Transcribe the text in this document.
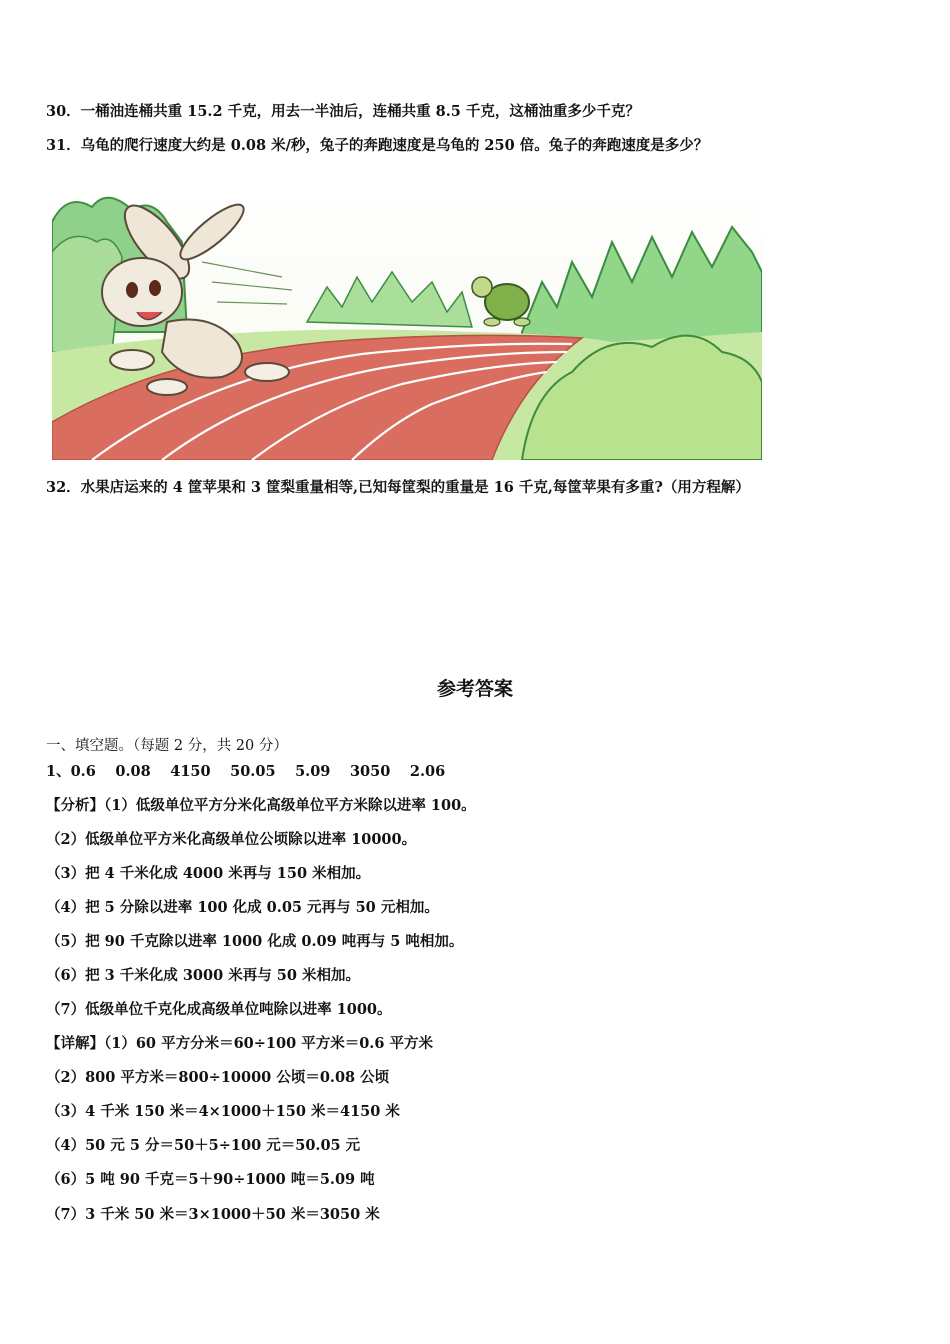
30．一桶油连桶共重 15.2 千克，用去一半油后，连桶共重 8.5 千克，这桶油重多少千克？
31．乌龟的爬行速度大约是 0.08 米/秒，兔子的奔跑速度是乌龟的 250 倍。兔子的奔跑速度是多少？
32．水果店运来的 4 筐苹果和 3 筐梨重量相等,已知每筐梨的重量是 16 千克,每筐苹果有多重?（用方程解）
参考答案
一、填空题。（每题 2 分，共 20 分）
1、0.6　 0.08　 4150　 50.05　 5.09　 3050　 2.06
【分析】（1）低级单位平方分米化高级单位平方米除以进率 100。
（2）低级单位平方米化高级单位公顷除以进率 10000。
（3）把 4 千米化成 4000 米再与 150 米相加。
（4）把 5 分除以进率 100 化成 0.05 元再与 50 元相加。
（5）把 90 千克除以进率 1000 化成 0.09 吨再与 5 吨相加。
（6）把 3 千米化成 3000 米再与 50 米相加。
（7）低级单位千克化成高级单位吨除以进率 1000。
【详解】（1）60 平方分米＝60÷100 平方米＝0.6 平方米
（2）800 平方米＝800÷10000 公顷＝0.08 公顷
（3）4 千米 150 米＝4×1000＋150 米＝4150 米
（4）50 元 5 分＝50＋5÷100 元＝50.05 元
（6）5 吨 90 千克＝5＋90÷1000 吨＝5.09 吨
（7）3 千米 50 米＝3×1000＋50 米＝3050 米
